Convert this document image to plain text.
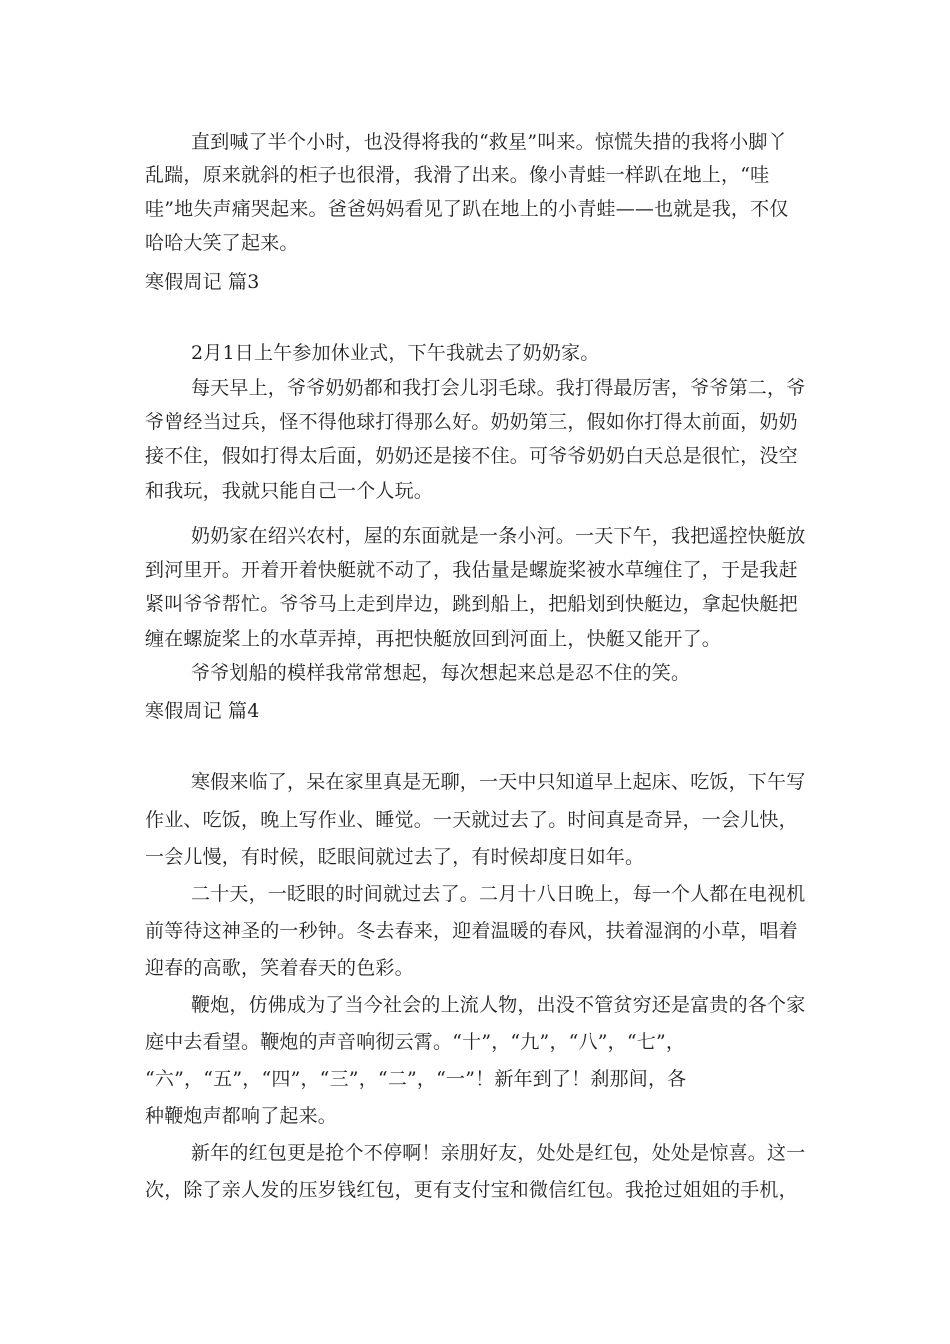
直到喊了半个小时，也没得将我的“救星”叫来。惊慌失措的我将小脚丫
乱踹，原来就斜的柜子也很滑，我滑了出来。像小青蛙一样趴在地上，“哇
哇”地失声痛哭起来。爸爸妈妈看见了趴在地上的小青蛙——也就是我，不仅
哈哈大笑了起来。
寒假周记 篇3
2月1日上午参加休业式，下午我就去了奶奶家。
每天早上，爷爷奶奶都和我打会儿羽毛球。我打得最厉害，爷爷第二，爷
爷曾经当过兵，怪不得他球打得那么好。奶奶第三，假如你打得太前面，奶奶
接不住，假如打得太后面，奶奶还是接不住。可爷爷奶奶白天总是很忙，没空
和我玩，我就只能自己一个人玩。
奶奶家在绍兴农村，屋的东面就是一条小河。一天下午，我把遥控快艇放
到河里开。开着开着快艇就不动了，我估量是螺旋桨被水草缠住了，于是我赶
紧叫爷爷帮忙。爷爷马上走到岸边，跳到船上，把船划到快艇边，拿起快艇把
缠在螺旋桨上的水草弄掉，再把快艇放回到河面上，快艇又能开了。
爷爷划船的模样我常常想起，每次想起来总是忍不住的笑。
寒假周记 篇4
寒假来临了，呆在家里真是无聊，一天中只知道早上起床、吃饭，下午写
作业、吃饭，晚上写作业、睡觉。一天就过去了。时间真是奇异，一会儿快，
一会儿慢，有时候，眨眼间就过去了，有时候却度日如年。
二十天，一眨眼的时间就过去了。二月十八日晚上，每一个人都在电视机
前等待这神圣的一秒钟。冬去春来，迎着温暖的春风，扶着湿润的小草，唱着
迎春的高歌，笑着春天的色彩。
鞭炮，仿佛成为了当今社会的上流人物，出没不管贫穷还是富贵的各个家
庭中去看望。鞭炮的声音响彻云霄。“十”，“九”，“八”，“七”，
“六”，“五”，“四”，“三”，“二”，“一”！新年到了！刹那间，各
种鞭炮声都响了起来。
新年的红包更是抢个不停啊！亲朋好友，处处是红包，处处是惊喜。这一
次，除了亲人发的压岁钱红包，更有支付宝和微信红包。我抢过姐姐的手机，
